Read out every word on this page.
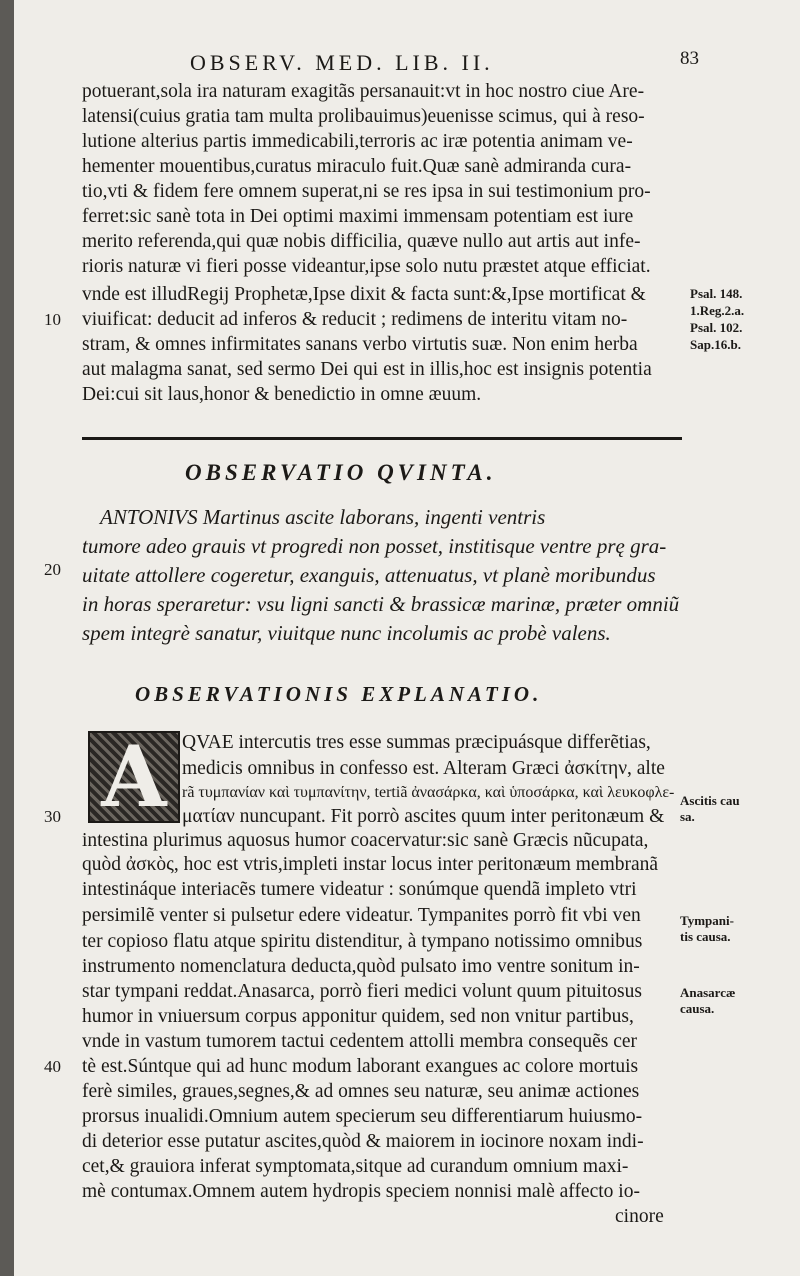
OBSERV. MED. LIB. II.	83
potuerant,sola ira naturam exagitãs persanauit:vt in hoc nostro ciue Are-
latensi(cuius gratia tam multa prolibauimus)euenisse scimus, qui à reso-
lutione alterius partis immedicabili,terroris ac iræ potentia animam ve-
hementer mouentibus,curatus miraculo fuit.Quæ sanè admiranda cura-
tio,vti & fidem fere omnem superat,ni se res ipsa in sui testimonium pro-
ferret:sic sanè tota in Dei optimi maximi immensam potentiam est iure
merito referenda,qui quæ nobis difficilia, quæve nullo aut artis aut infe-
rioris naturæ vi fieri posse videantur,ipse solo nutu præstet atque efficiat.
vnde est illudRegij Prophetæ,Ipse dixit & facta sunt:&,Ipse mortificat &
viuificat: deducit ad inferos & reducit ; redimens de interitu vitam no-
stram, & omnes infirmitates sanans verbo virtutis suæ. Non enim herba
aut malagma sanat, sed sermo Dei qui est in illis,hoc est insignis potentia
Dei:cui sit laus,honor & benedictio in omne æuum.
OBSERVATIO QVINTA.
ANTONIVS Martinus ascite laborans, ingenti ventris
tumore adeo grauis vt progredi non posset, institisque ventre prę gra-
uitate attollere cogeretur, exanguis, attenuatus, vt planè moribundus
in horas speraretur: vsu ligni sancti & brassicæ marinæ, præter omniũ
spem integrè sanatur, viuitque nunc incolumis ac probè valens.
OBSERVATIONIS EXPLANATIO.
A QVAE intercutis tres esse summas præcipuásque differẽtias,
medicis omnibus in confesso est. Alteram Græci ἀσκίτην, alte
rã τυμπανίαν καὶ τυμπανίτην, tertiã ἀνασάρκα, καὶ ὑποσάρκα, καὶ λευκοφλε-
ματίαν nuncupant. Fit porrò ascites quum inter peritonæum &
intestina plurimus aquosus humor coacervatur:sic sanè Græcis nũcupata,
quòd ἀσκὸς, hoc est vtris,impleti instar locus inter peritonæum membranã
intestináque interiacẽs tumere videatur : sonúmque quendã impleto vtri
persimilẽ venter si pulsetur edere videatur. Tympanites porrò fit vbi ven
ter copioso flatu atque spiritu distenditur, à tympano notissimo omnibus
instrumento nomenclatura deducta,quòd pulsato imo ventre sonitum in-
star tympani reddat.Anasarca, porrò fieri medici volunt quum pituitosus
humor in vniuersum corpus apponitur quidem, sed non vnitur partibus,
vnde in vastum tumorem tactui cedentem attolli membra consequẽs cer
tè est.Súntque qui ad hunc modum laborant exangues ac colore mortuis
ferè similes, graues,segnes,& ad omnes seu naturæ, seu animæ actiones
prorsus inualidi.Omnium autem specierum seu differentiarum huiusmo-
di deterior esse putatur ascites,quòd & maiorem in iocinore noxam indi-
cet,& grauiora inferat symptomata,sitque ad curandum omnium maxi-
mè contumax.Omnem autem hydropis speciem nonnisi malè affecto io-
cinore
10
20
30
40
Psal. 148.
1.Reg.2.a.
Psal. 102.
Sap.16.b.
Ascitis cau
sa.
Tympani-
tis causa.
Anasarcæ
causa.
